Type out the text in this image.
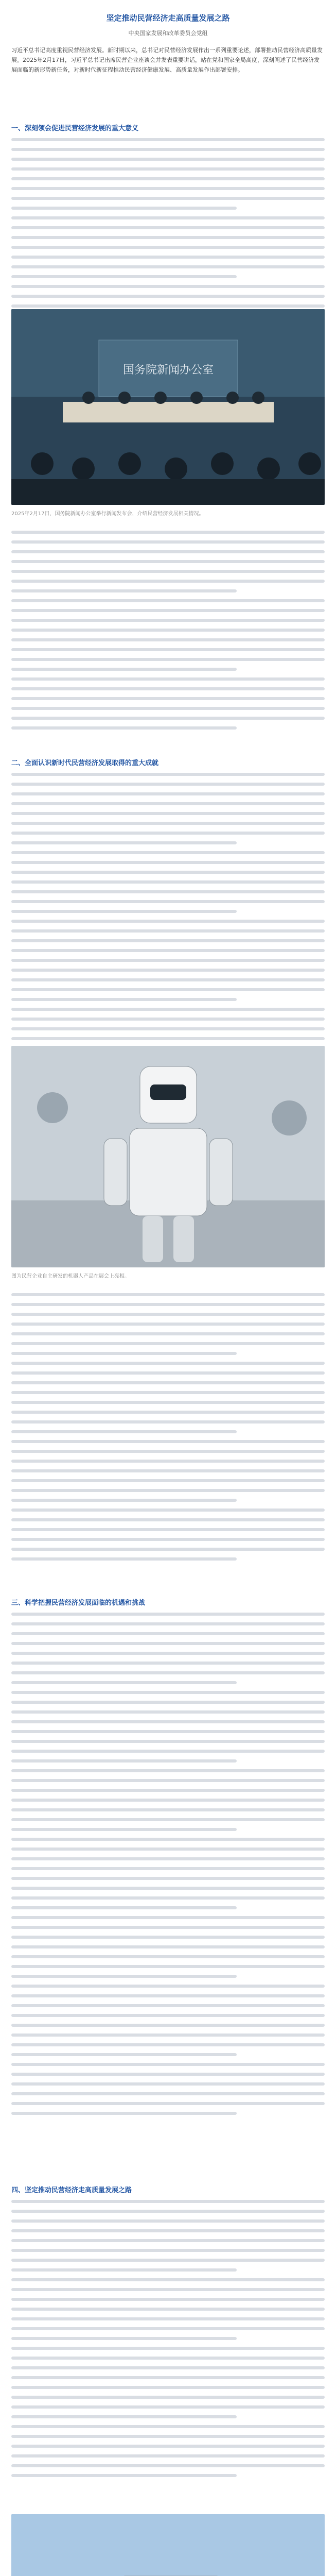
坚定推动民营经济走高质量发展之路
中央国家发展和改革委员会党组
习近平总书记高度重视民营经济发展。新时期以来，总书记对民营经济发展作出一系列重要论述，部署推动民营经济高质量发展。2025年2月17日，习近平总书记出席民营企业座谈会并发表重要讲话，站在党和国家全局高度，深刻阐述了民营经济发展面临的新形势新任务，对新时代新征程推动民营经济健康发展、高质量发展作出部署安排。
一、深刻领会促进民营经济发展的重大意义
国务院新闻办公室
2025年2月17日，国务院新闻办公室举行新闻发布会，介绍民营经济发展相关情况。
二、全面认识新时代民营经济发展取得的重大成就
图为民营企业自主研发的机器人产品在展会上亮相。
三、科学把握民营经济发展面临的机遇和挑战
四、坚定推动民营经济走高质量发展之路
